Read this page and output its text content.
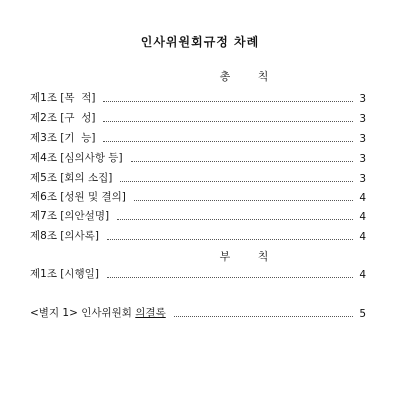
인사위원회규정 차례
총 칙
제1조 [목  적]	3
제2조 [구  성]	3
제3조 [기  능]	3
제4조 [심의사항 등]	3
제5조 [회의 소집]	3
제6조 [성원 및 결의]	4
제7조 [의안설명]	4
제8조 [의사록]	4
부 칙
제1조 [시행일]	4
<별지 1> 인사위원회 의결록	5
